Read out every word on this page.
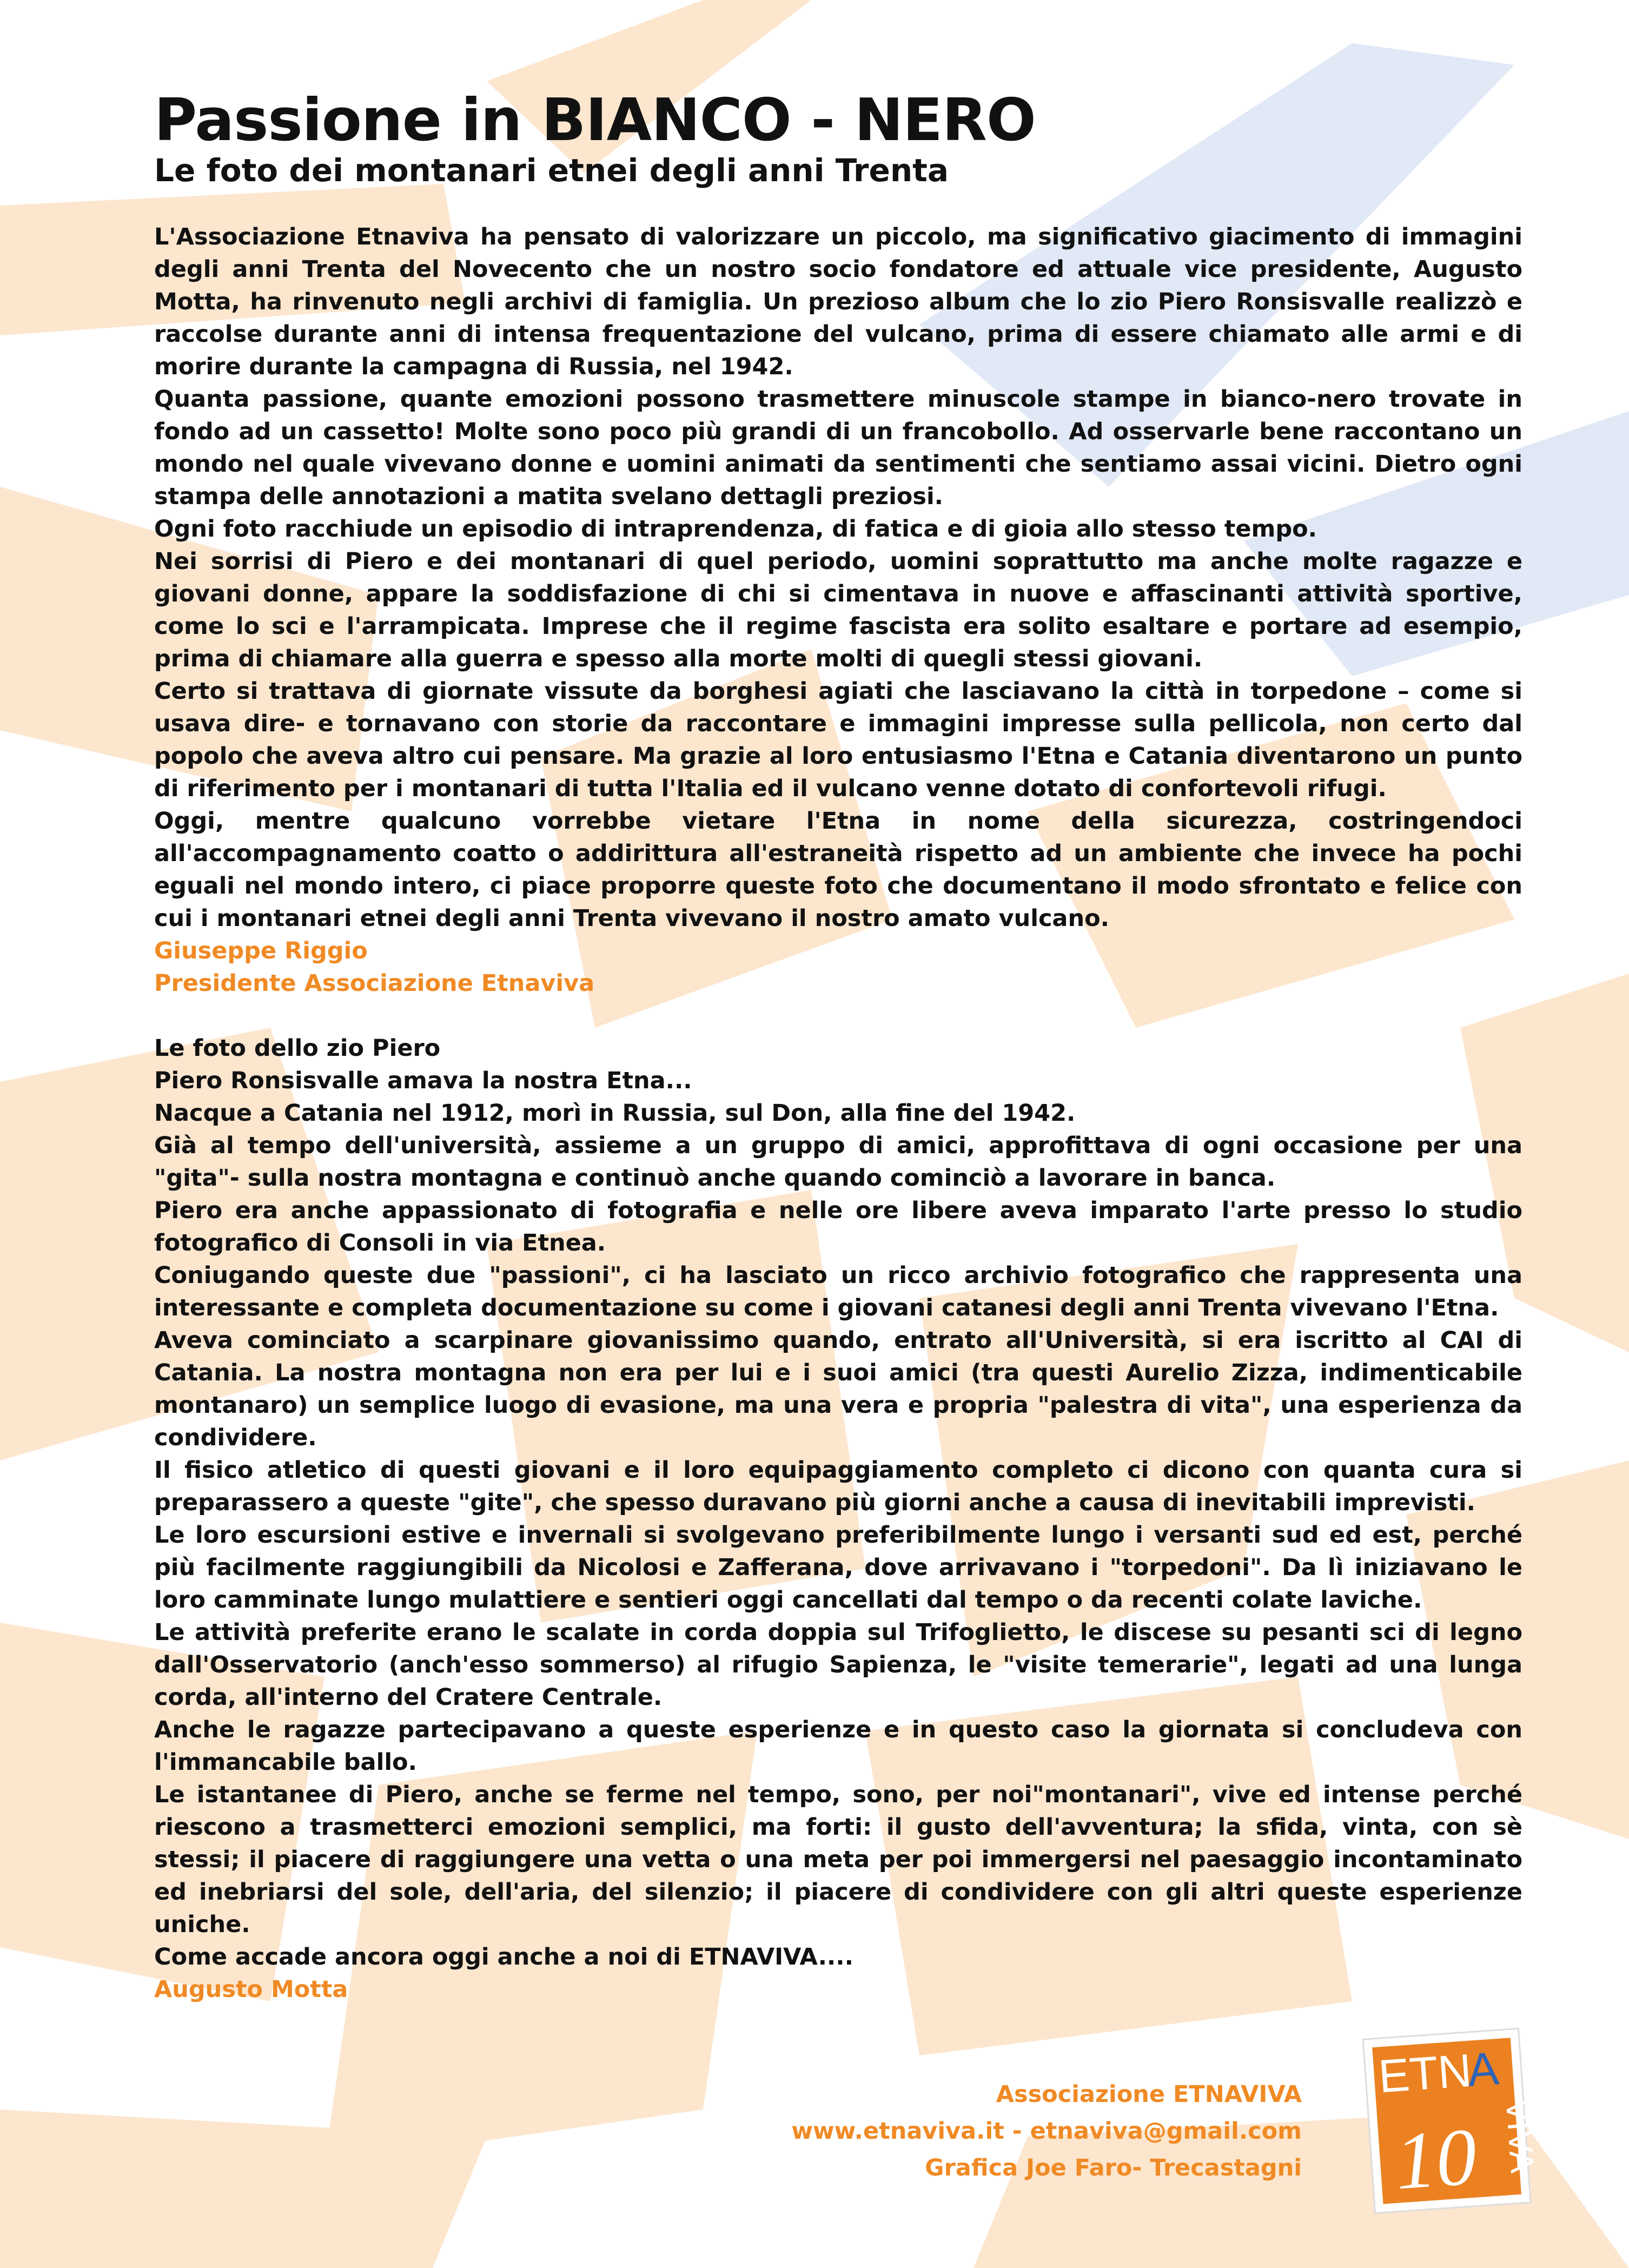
Passione in BIANCO - NERO
Le foto dei montanari etnei degli anni Trenta

L'Associazione Etnaviva ha pensato di valorizzare un piccolo, ma significativo giacimento di immagini degli anni Trenta del Novecento che un nostro socio fondatore ed attuale vice presidente, Augusto Motta, ha rinvenuto negli archivi di famiglia. Un prezioso album che lo zio Piero Ronsisvalle realizzò e raccolse durante anni di intensa frequentazione del vulcano, prima di essere chiamato alle armi e di morire durante la campagna di Russia, nel 1942.

Quanta passione, quante emozioni possono trasmettere minuscole stampe in bianco-nero trovate in fondo ad un cassetto! Molte sono poco più grandi di un francobollo. Ad osservarle bene raccontano un mondo nel quale vivevano donne e uomini animati da sentimenti che sentiamo assai vicini. Dietro ogni stampa delle annotazioni a matita svelano dettagli preziosi.

Ogni foto racchiude un episodio di intraprendenza, di fatica e di gioia allo stesso tempo.

Nei sorrisi di Piero e dei montanari di quel periodo, uomini soprattutto ma anche molte ragazze e giovani donne, appare la soddisfazione di chi si cimentava in nuove e affascinanti attività sportive, come lo sci e l'arrampicata. Imprese che il regime fascista era solito esaltare e portare ad esempio, prima di chiamare alla guerra e spesso alla morte molti di quegli stessi giovani.

Certo si trattava di giornate vissute da borghesi agiati che lasciavano la città in torpedone – come si usava dire- e tornavano con storie da raccontare e immagini impresse sulla pellicola, non certo dal popolo che aveva altro cui pensare. Ma grazie al loro entusiasmo l'Etna e Catania diventarono un punto di riferimento per i montanari di tutta l'Italia ed il vulcano venne dotato di confortevoli rifugi.

Oggi, mentre qualcuno vorrebbe vietare l'Etna in nome della sicurezza, costringendoci all'accompagnamento coatto o addirittura all'estraneità rispetto ad un ambiente che invece ha pochi eguali nel mondo intero, ci piace proporre queste foto che documentano il modo sfrontato e felice con cui i montanari etnei degli anni Trenta vivevano il nostro amato vulcano.

Giuseppe Riggio

Presidente Associazione Etnaviva

Le foto dello zio Piero

Piero Ronsisvalle amava la nostra Etna...

Nacque a Catania nel 1912, morì in Russia, sul Don, alla fine del 1942.

Già al tempo dell'università, assieme a un gruppo di amici, approfittava di ogni occasione per una "gita"- sulla nostra montagna e continuò anche quando cominciò a lavorare in banca.

Piero era anche appassionato di fotografia e nelle ore libere aveva imparato l'arte presso lo studio fotografico di Consoli in via Etnea.

Coniugando queste due "passioni", ci ha lasciato un ricco archivio fotografico che rappresenta una interessante e completa documentazione su come i giovani catanesi degli anni Trenta vivevano l'Etna.

Aveva cominciato a scarpinare giovanissimo quando, entrato all'Università, si era iscritto al CAI di Catania. La nostra montagna non era per lui e i suoi amici (tra questi Aurelio Zizza, indimenticabile montanaro) un semplice luogo di evasione, ma una vera e propria "palestra di vita", una esperienza da condividere.

Il fisico atletico di questi giovani e il loro equipaggiamento completo ci dicono con quanta cura si preparassero a queste "gite", che spesso duravano più giorni anche a causa di inevitabili imprevisti.

Le loro escursioni estive e invernali si svolgevano preferibilmente lungo i versanti sud ed est, perché più facilmente raggiungibili da Nicolosi e Zafferana, dove arrivavano i "torpedoni". Da lì iniziavano le loro camminate lungo mulattiere e sentieri oggi cancellati dal tempo o da recenti colate laviche.

Le attività preferite erano le scalate in corda doppia sul Trifoglietto, le discese su pesanti sci di legno dall'Osservatorio (anch'esso sommerso) al rifugio Sapienza, le "visite temerarie", legati ad una lunga corda, all'interno del Cratere Centrale.

Anche le ragazze partecipavano a queste esperienze e in questo caso la giornata si concludeva con l'immancabile ballo.

Le istantanee di Piero, anche se ferme nel tempo, sono, per noi"montanari", vive ed intense perché riescono a trasmetterci emozioni semplici, ma forti: il gusto dell'avventura; la sfida, vinta, con sè stessi; il piacere di raggiungere una vetta o una meta per poi immergersi nel paesaggio incontaminato ed inebriarsi del sole, dell'aria, del silenzio; il piacere di condividere con gli altri queste esperienze uniche.

Come accade ancora oggi anche a noi di ETNAVIVA....

Augusto Motta

Associazione ETNAVIVA
www.etnaviva.it - etnaviva@gmail.com
Grafica Joe Faro- Trecastagni
ETN
A
VIVA
10
